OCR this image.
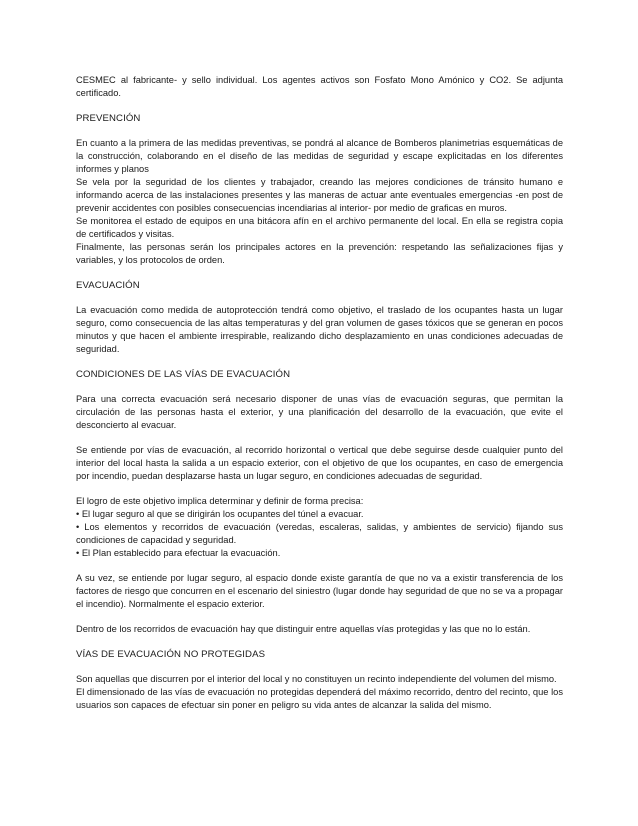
CESMEC al fabricante- y sello individual. Los agentes activos son Fosfato Mono Amónico y CO2. Se adjunta certificado.

PREVENCIÓN

En cuanto a la primera de las medidas preventivas, se pondrá al alcance de Bomberos planimetrias esquemáticas de la construcción, colaborando en el diseño de las medidas de seguridad y escape explicitadas en los diferentes informes y planos
Se vela por la seguridad de los clientes y trabajador, creando las mejores condiciones de tránsito humano e informando acerca de las instalaciones presentes y las maneras de actuar ante eventuales emergencias -en post de prevenir accidentes con posibles consecuencias incendiarias al interior- por medio de graficas en muros.
Se monitorea el estado de equipos en una bitácora afín en el archivo permanente del local. En ella se registra copia de certificados y visitas.
Finalmente, las personas serán los principales actores en la prevención: respetando las señalizaciones fijas y variables, y los protocolos de orden.

EVACUACIÓN

La evacuación como medida de autoprotección tendrá como objetivo, el traslado de los ocupantes hasta un lugar seguro, como consecuencia de las altas temperaturas y del gran volumen de gases tóxicos que se generan en pocos minutos y que hacen el ambiente irrespirable, realizando dicho desplazamiento en unas condiciones adecuadas de seguridad.

CONDICIONES DE LAS VÍAS DE EVACUACIÓN

Para una correcta evacuación será necesario disponer de unas vías de evacuación seguras, que permitan la circulación de las personas hasta el exterior, y una planificación del desarrollo de la evacuación, que evite el desconcierto al evacuar.

Se entiende por vías de evacuación, al recorrido horizontal o vertical que debe seguirse desde cualquier punto del interior del local hasta la salida a un espacio exterior, con el objetivo de que los ocupantes, en caso de emergencia por incendio, puedan desplazarse hasta un lugar seguro, en condiciones adecuadas de seguridad.

El logro de este objetivo implica determinar y definir de forma precisa:
• El lugar seguro al que se dirigirán los ocupantes del túnel a evacuar.
• Los elementos y recorridos de evacuación (veredas, escaleras, salidas, y ambientes de servicio) fijando sus condiciones de capacidad y seguridad.
• El Plan establecido para efectuar la evacuación.

A su vez, se entiende por lugar seguro, al espacio donde existe garantía de que no va a existir transferencia de los factores de riesgo que concurren en el escenario del siniestro (lugar donde hay seguridad de que no se va a propagar el incendio). Normalmente el espacio exterior.

Dentro de los recorridos de evacuación hay que distinguir entre aquellas vías protegidas y las que no lo están.

VÍAS DE EVACUACIÓN NO PROTEGIDAS

Son aquellas que discurren por el interior del local y no constituyen un recinto independiente del volumen del mismo.
El dimensionado de las vías de evacuación no protegidas dependerá del máximo recorrido, dentro del recinto, que los usuarios son capaces de efectuar sin poner en peligro su vida antes de alcanzar la salida del mismo.
